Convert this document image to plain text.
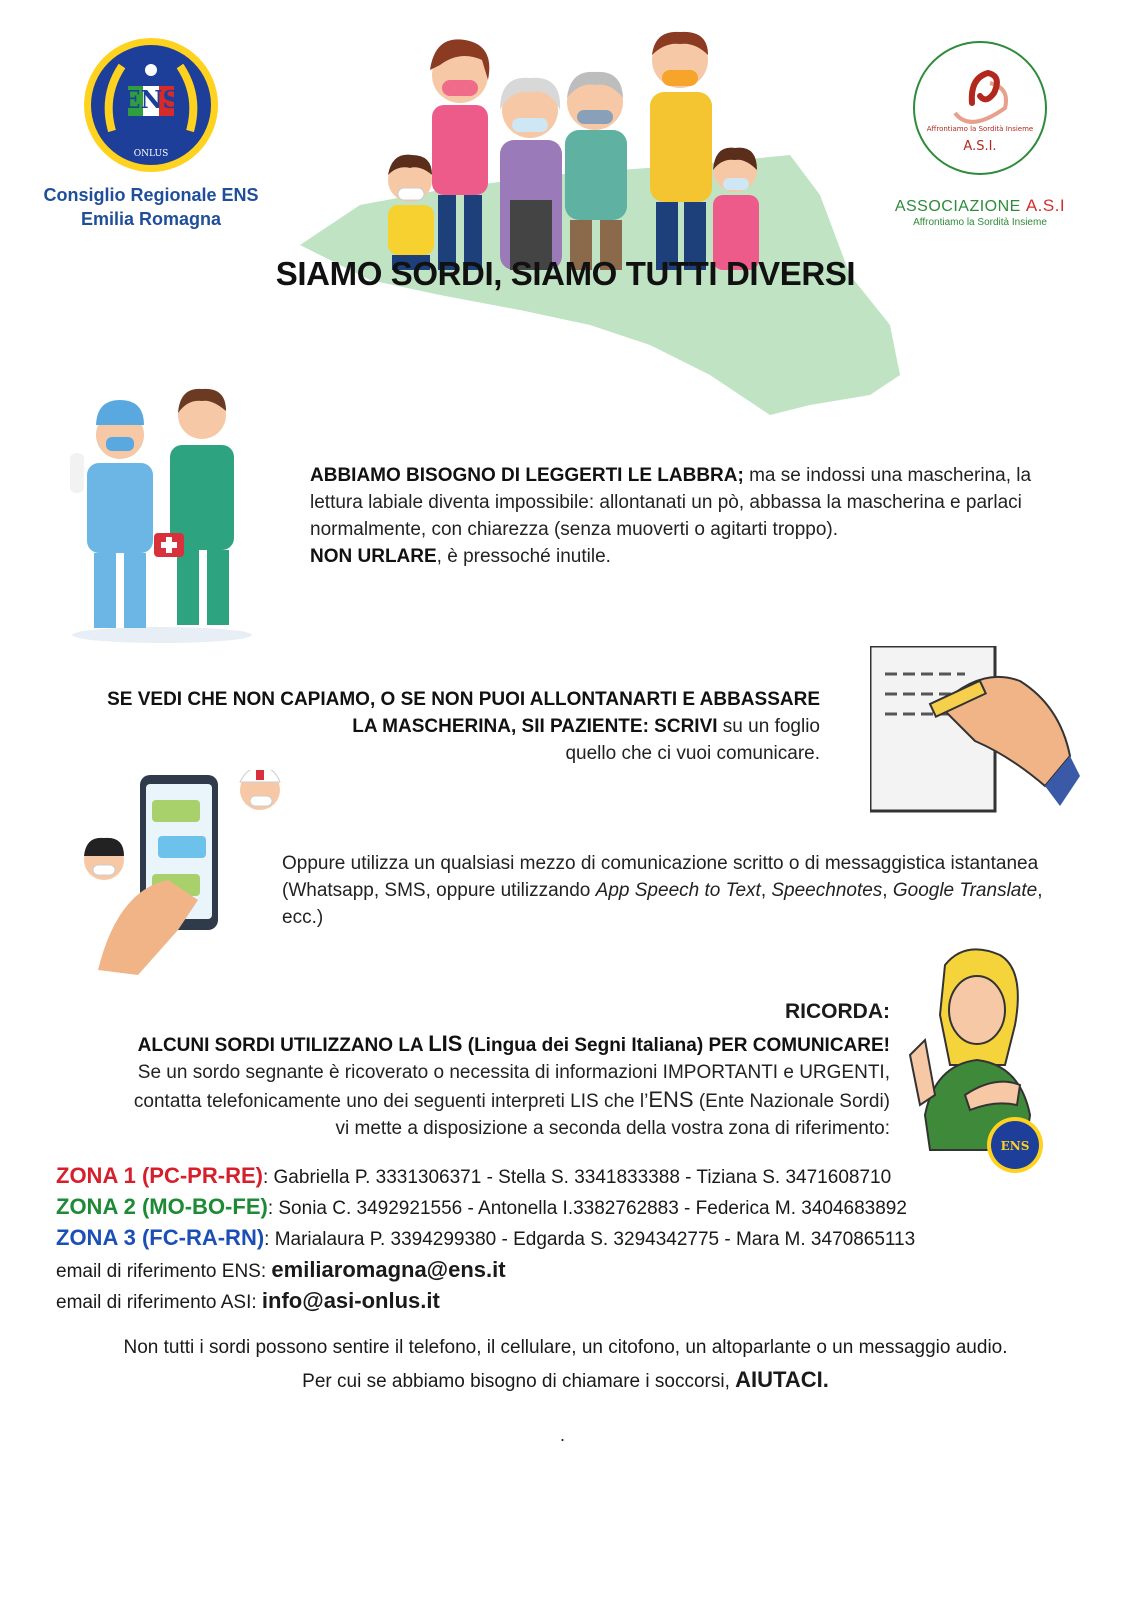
ENS
ONLUS
Consiglio Regionale ENS
Emilia Romagna
Affrontiamo la Sordità Insieme
A.S.I.
ASSOCIAZIONE A.S.I
Affrontiamo la Sordità Insieme
SIAMO SORDI, SIAMO TUTTI DIVERSI
ABBIAMO BISOGNO DI LEGGERTI LE LABBRA; ma se indossi una mascherina, la lettura labiale diventa impossibile: allontanati un pò, abbassa la mascherina e parlaci normalmente, con chiarezza (senza muoverti o agitarti troppo).
NON URLARE, è pressoché inutile.
SE VEDI CHE NON CAPIAMO, O SE NON PUOI ALLONTANARTI E ABBASSARE
LA MASCHERINA, SII PAZIENTE: SCRIVI su un foglio
quello che ci vuoi comunicare.
Oppure utilizza un qualsiasi mezzo di comunicazione scritto o di messaggistica istantanea (Whatsapp, SMS, oppure utilizzando App Speech to Text, Speechnotes, Google Translate, ecc.)
ENS
RICORDA:
ALCUNI SORDI UTILIZZANO LA LIS (Lingua dei Segni Italiana) PER COMUNICARE!
Se un sordo segnante è ricoverato o necessita di informazioni IMPORTANTI e URGENTI,
contatta telefonicamente uno dei seguenti interpreti LIS che l’ENS (Ente Nazionale Sordi)
vi mette a disposizione a seconda della vostra zona di riferimento:
ZONA 1 (PC-PR-RE): Gabriella P. 3331306371 - Stella S. 3341833388 - Tiziana S. 3471608710
ZONA 2 (MO-BO-FE): Sonia C. 3492921556 - Antonella I.3382762883 - Federica M. 3404683892
ZONA 3 (FC-RA-RN): Marialaura P. 3394299380 - Edgarda S. 3294342775 - Mara M. 3470865113
email di riferimento ENS: emiliaromagna@ens.it
email di riferimento ASI: info@asi-onlus.it
Non tutti i sordi possono sentire il telefono, il cellulare, un citofono, un altoparlante o un messaggio audio.
Per cui se abbiamo bisogno di chiamare i soccorsi, AIUTACI.
.
